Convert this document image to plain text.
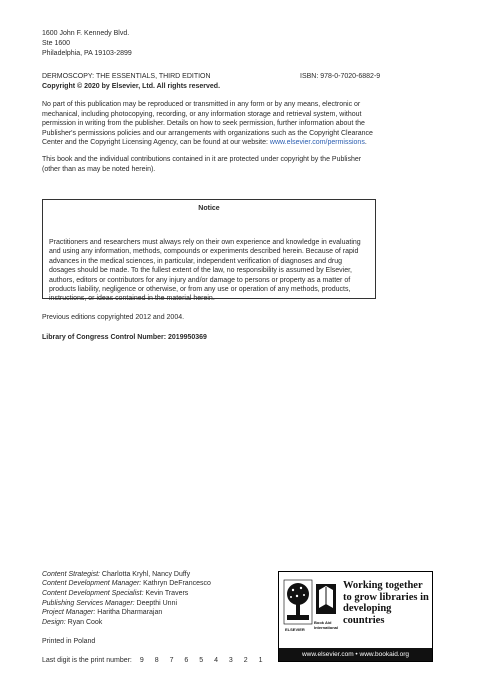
1600 John F. Kennedy Blvd.
Ste 1600
Philadelphia, PA 19103-2899
DERMOSCOPY: THE ESSENTIALS, THIRD EDITION	ISBN: 978-0-7020-6882-9
Copyright © 2020 by Elsevier, Ltd. All rights reserved.
No part of this publication may be reproduced or transmitted in any form or by any means, electronic or mechanical, including photocopying, recording, or any information storage and retrieval system, without permission in writing from the publisher. Details on how to seek permission, further information about the Publisher's permissions policies and our arrangements with organizations such as the Copyright Clearance Center and the Copyright Licensing Agency, can be found at our website: www.elsevier.com/permissions.
This book and the individual contributions contained in it are protected under copyright by the Publisher (other than as may be noted herein).
Notice
Practitioners and researchers must always rely on their own experience and knowledge in evaluating and using any information, methods, compounds or experiments described herein. Because of rapid advances in the medical sciences, in particular, independent verification of diagnoses and drug dosages should be made. To the fullest extent of the law, no responsibility is assumed by Elsevier, authors, editors or contributors for any injury and/or damage to persons or property as a matter of products liability, negligence or otherwise, or from any use or operation of any methods, products, instructions, or ideas contained in the material herein.
Previous editions copyrighted 2012 and 2004.
Library of Congress Control Number: 2019950369
Content Strategist: Charlotta Kryhl, Nancy Duffy
Content Development Manager: Kathryn DeFrancesco
Content Development Specialist: Kevin Travers
Publishing Services Manager: Deepthi Unni
Project Manager: Haritha Dharmarajan
Design: Ryan Cook
Printed in Poland
Last digit is the print number: 9 8 7 6 5 4 3 2 1
ELSEVIER
Book Aid
International
Working together
to grow libraries in
developing countries
www.elsevier.com • www.bookaid.org
